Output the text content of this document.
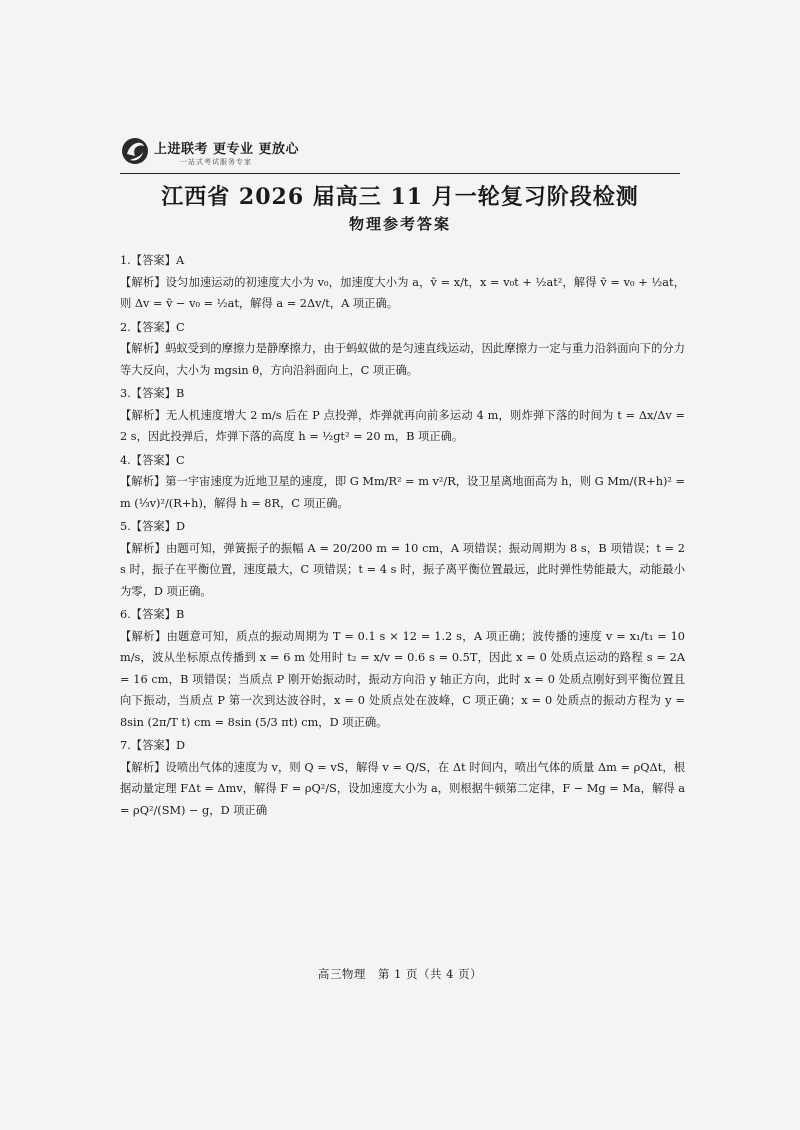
上进联考 更专业 更放心
一站式考试服务专家
江西省 2026 届高三 11 月一轮复习阶段检测
物理参考答案
1.【答案】A
【解析】设匀加速运动的初速度大小为 v₀，加速度大小为 a，v̄ = x/t，x = v₀t + ½at²，解得 v̄ = v₀ + ½at，则 Δv = v̄ − v₀ = ½at，解得 a = 2Δv/t，A 项正确。
2.【答案】C
【解析】蚂蚁受到的摩擦力是静摩擦力，由于蚂蚁做的是匀速直线运动，因此摩擦力一定与重力沿斜面向下的分力等大反向，大小为 mgsin θ，方向沿斜面向上，C 项正确。
3.【答案】B
【解析】无人机速度增大 2 m/s 后在 P 点投弹，炸弹就再向前多运动 4 m，则炸弹下落的时间为 t = Δx/Δv = 2 s，因此投弹后，炸弹下落的高度 h = ½gt² = 20 m，B 项正确。
4.【答案】C
【解析】第一宇宙速度为近地卫星的速度，即 G Mm/R² = m v²/R，设卫星离地面高为 h，则 G Mm/(R+h)² = m (⅓v)²/(R+h)，解得 h = 8R，C 项正确。
5.【答案】D
【解析】由题可知，弹簧振子的振幅 A = 20/200 m = 10 cm，A 项错误；振动周期为 8 s，B 项错误；t = 2 s 时，振子在平衡位置，速度最大，C 项错误；t = 4 s 时，振子离平衡位置最远，此时弹性势能最大，动能最小为零，D 项正确。
6.【答案】B
【解析】由题意可知，质点的振动周期为 T = 0.1 s × 12 = 1.2 s，A 项正确；波传播的速度 v = x₁/t₁ = 10 m/s，波从坐标原点传播到 x = 6 m 处用时 t₂ = x/v = 0.6 s = 0.5T，因此 x = 0 处质点运动的路程 s = 2A = 16 cm，B 项错误；当质点 P 刚开始振动时，振动方向沿 y 轴正方向，此时 x = 0 处质点刚好到平衡位置且向下振动，当质点 P 第一次到达波谷时，x = 0 处质点处在波峰，C 项正确；x = 0 处质点的振动方程为 y = 8sin (2π/T t) cm = 8sin (5/3 πt) cm，D 项正确。
7.【答案】D
【解析】设喷出气体的速度为 v，则 Q = vS，解得 v = Q/S，在 Δt 时间内，喷出气体的质量 Δm = ρQΔt，根据动量定理 FΔt = Δmv，解得 F = ρQ²/S，设加速度大小为 a，则根据牛顿第二定律，F − Mg = Ma，解得 a = ρQ²/(SM) − g，D 项正确
高三物理　第 1 页（共 4 页）
